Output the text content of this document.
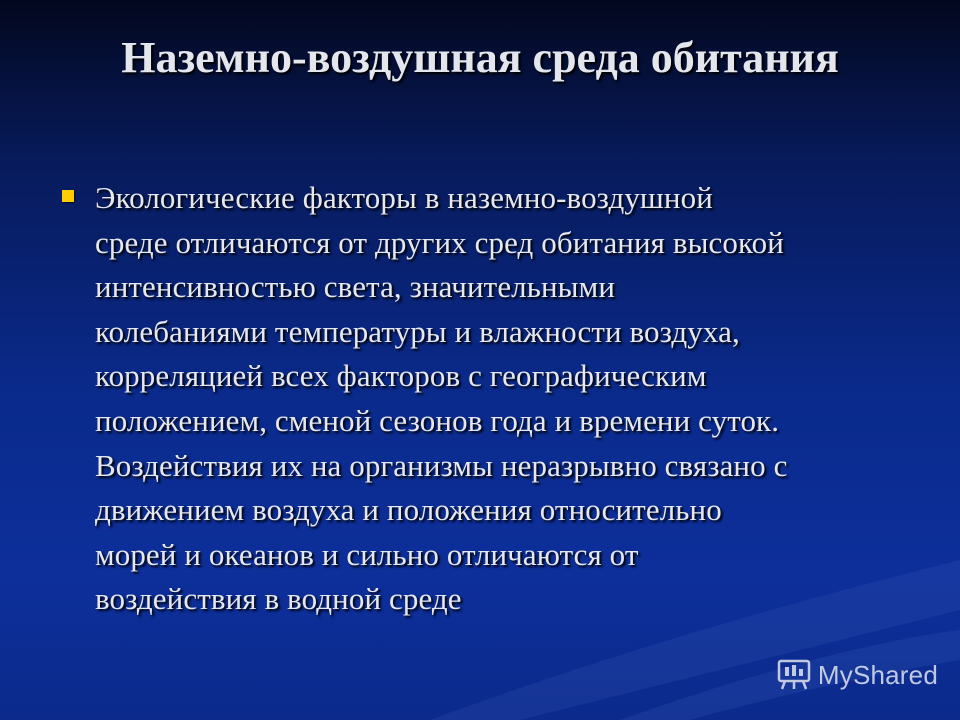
Наземно-воздушная среда обитания

Экологические факторы в наземно-воздушной
среде отличаются от других сред обитания высокой
интенсивностью света, значительными
колебаниями температуры и влажности воздуха,
корреляцией всех факторов с географическим
положением, сменой сезонов года и времени суток.
Воздействия их на организмы неразрывно связано с
движением воздуха и положения относительно
морей и океанов и сильно отличаются от
воздействия в водной среде

MyShared
